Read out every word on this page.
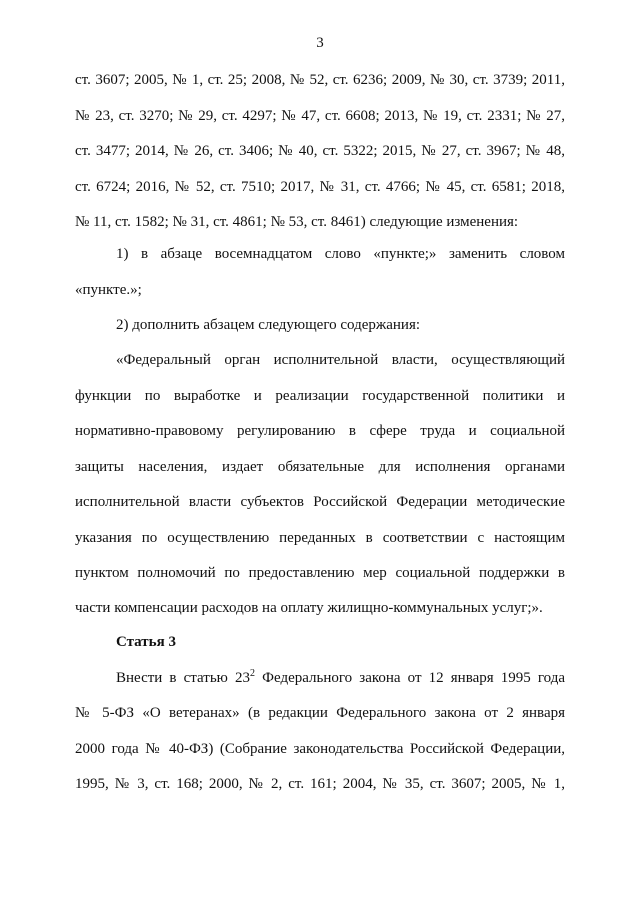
3
ст. 3607; 2005, № 1, ст. 25; 2008, № 52, ст. 6236; 2009, № 30, ст. 3739; 2011,
№ 23, ст. 3270; № 29, ст. 4297; № 47, ст. 6608; 2013, № 19, ст. 2331; № 27,
ст. 3477; 2014, № 26, ст. 3406; № 40, ст. 5322; 2015, № 27, ст. 3967; № 48,
ст. 6724; 2016, № 52, ст. 7510; 2017, № 31, ст. 4766; № 45, ст. 6581; 2018,
№ 11, ст. 1582; № 31, ст. 4861; № 53, ст. 8461) следующие изменения:
1) в абзаце восемнадцатом слово «пункте;» заменить словом
«пункте.»;
2) дополнить абзацем следующего содержания:
«Федеральный орган исполнительной власти, осуществляющий
функции по выработке и реализации государственной политики и
нормативно-правовому регулированию в сфере труда и социальной
защиты населения, издает обязательные для исполнения органами
исполнительной власти субъектов Российской Федерации методические
указания по осуществлению переданных в соответствии с настоящим
пунктом полномочий по предоставлению мер социальной поддержки в
части компенсации расходов на оплату жилищно-коммунальных услуг;».
Статья 3
Внести в статью $23^2$ Федерального закона от 12 января 1995 года
№ 5-ФЗ «О ветеранах» (в редакции Федерального закона от 2 января
2000 года № 40-ФЗ) (Собрание законодательства Российской Федерации,
1995, № 3, ст. 168; 2000, № 2, ст. 161; 2004, № 35, ст. 3607; 2005, № 1,
